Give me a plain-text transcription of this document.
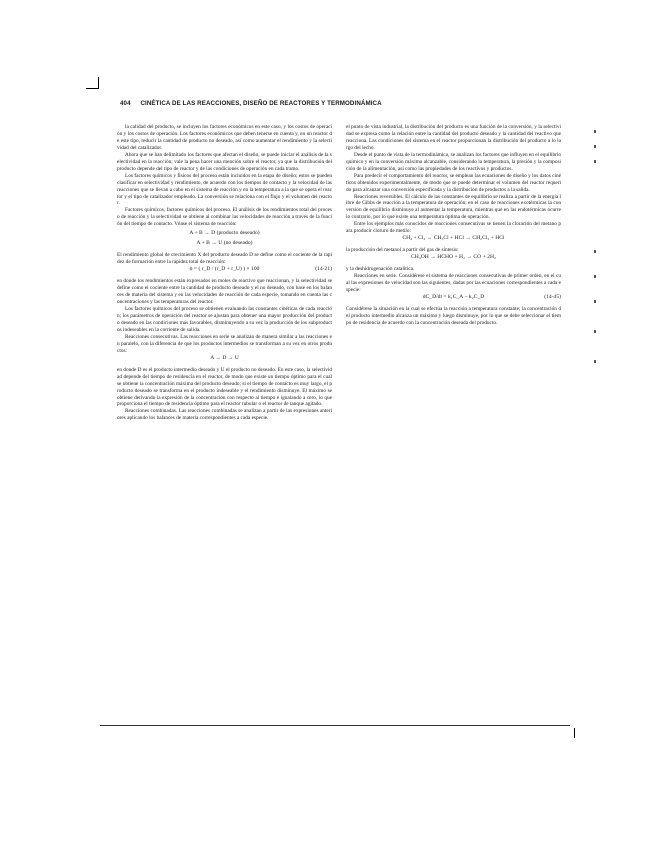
404 CINÉTICA DE LAS REACCIONES, DISEÑO DE REACTORES Y TERMODINÁMICA

la calidad del producto, se incluyen los factores económicos en este caso, y los costos de operación y los costos de operación. Los factores económicos que deben tenerse en cuenta y, en un reactor de este tipo, reducir la cantidad de producto no deseado, así como aumentar el rendimiento y la selectividad del catalizador.

Ahora que se han delimitado los factores que afectan el diseño, se puede iniciar el análisis de la selectividad en la reacción; vale la pena hacer una mención sobre el reactor, ya que la distribución del producto depende del tipo de reactor y de las condiciones de operación en cada tramo.

Los factores químicos y físicos del proceso están incluidos en la etapa de diseño; estos se pueden clasificar en selectividad y rendimiento, de acuerdo con los tiempos de contacto y la velocidad de las reacciones que se llevan a cabo en el sistema de reacción y en la temperatura a la que se opera el reactor y el tipo de catalizador empleado. La conversión se relaciona con el flujo y el volumen del reactor.

Factores químicos, factores químicos del proceso. El análisis de los rendimientos total del proceso de reacción y la selectividad se obtiene al combinar las velocidades de reacción a través de la función del tiempo de contacto. Véase el sistema de reacción:

A + B → D (producto deseado)
A + B → U (no deseado)

El rendimiento global de crecimiento X del producto deseado D se define como el cociente de la rapidez de formación entre la rapidez total de reacción:

ϕ = ( r_D / (r_D + r_U) ) × 100	(14-21)

en donde los rendimientos están expresados en moles de reactivo que reaccionan, y la selectividad se define como el cociente entre la cantidad de producto deseado y el no deseado, con base en los balances de materia del sistema y en las velocidades de reacción de cada especie, tomando en cuenta las concentraciones y las temperaturas del reactor.

Los factores químicos del proceso se obtienen evaluando las constantes cinéticas de cada reacción; los parámetros de operación del reactor se ajustan para obtener una mayor producción del producto deseado en las condiciones más favorables, disminuyendo a su vez la producción de los subproductos indeseables en la corriente de salida.

Reacciones consecutivas. Las reacciones en serie se analizan de manera similar a las reacciones en paralelo, con la diferencia de que los productos intermedios se transforman a su vez en otros productos:

A → D → U

en donde D es el producto intermedio deseado y U el producto no deseado. En este caso, la selectividad depende del tiempo de residencia en el reactor, de modo que existe un tiempo óptimo para el cual se obtiene la concentración máxima del producto deseado; si el tiempo de contacto es muy largo, el producto deseado se transforma en el producto indeseable y el rendimiento disminuye. El máximo se obtiene derivando la expresión de la concentración con respecto al tiempo e igualando a cero, lo que proporciona el tiempo de residencia óptimo para el reactor tubular o el reactor de tanque agitado.

Reacciones combinadas. Las reacciones combinadas se analizan a partir de las expresiones anteriores aplicando los balances de materia correspondientes a cada especie.

el punto de vista industrial, la distribución del producto es una función de la conversión, y la selectividad se expresa como la relación entre la cantidad del producto deseado y la cantidad del reactivo que reacciona. Las condiciones del sistema en el reactor proporcionan la distribución del producto a lo largo del lecho.

Desde el punto de vista de la termodinámica, se analizan los factores que influyen en el equilibrio químico y en la conversión máxima alcanzable, considerando la temperatura, la presión y la composición de la alimentación, así como las propiedades de los reactivos y productos.

Para predecir el comportamiento del reactor, se emplean las ecuaciones de diseño y los datos cinéticos obtenidos experimentalmente, de modo que se puede determinar el volumen del reactor requerido para alcanzar una conversión especificada y la distribución de productos a la salida.

Reacciones reversibles. El cálculo de las constantes de equilibrio se realiza a partir de la energía libre de Gibbs de reacción a la temperatura de operación; en el caso de reacciones exotérmicas la conversión de equilibrio disminuye al aumentar la temperatura, mientras que en las endotérmicas ocurre lo contrario, por lo que existe una temperatura óptima de operación.

Entre los ejemplos más conocidos de reacciones consecutivas se tienen la cloración del metano para producir cloruro de metilo:

CH₄ + Cl₂ → CH₃Cl + HCl → CH₂Cl₂ + HCl

la producción del metanol a partir del gas de síntesis:

CH₃OH → HCHO + H₂ → CO + 2H₂

y la deshidrogenación catalítica.

Reacciones en serie. Considérese el sistema de reacciones consecutivas de primer orden, en el cual las expresiones de velocidad son las siguientes, dadas por las ecuaciones correspondientes a cada especie:

dC_D/dt = k₁C_A − k₂C_D	(14-45)

Considérese la situación en la cual se efectúa la reacción a temperatura constante; la concentración del producto intermedio alcanza un máximo y luego disminuye, por lo que se debe seleccionar el tiempo de residencia de acuerdo con la concentración deseada del producto.
